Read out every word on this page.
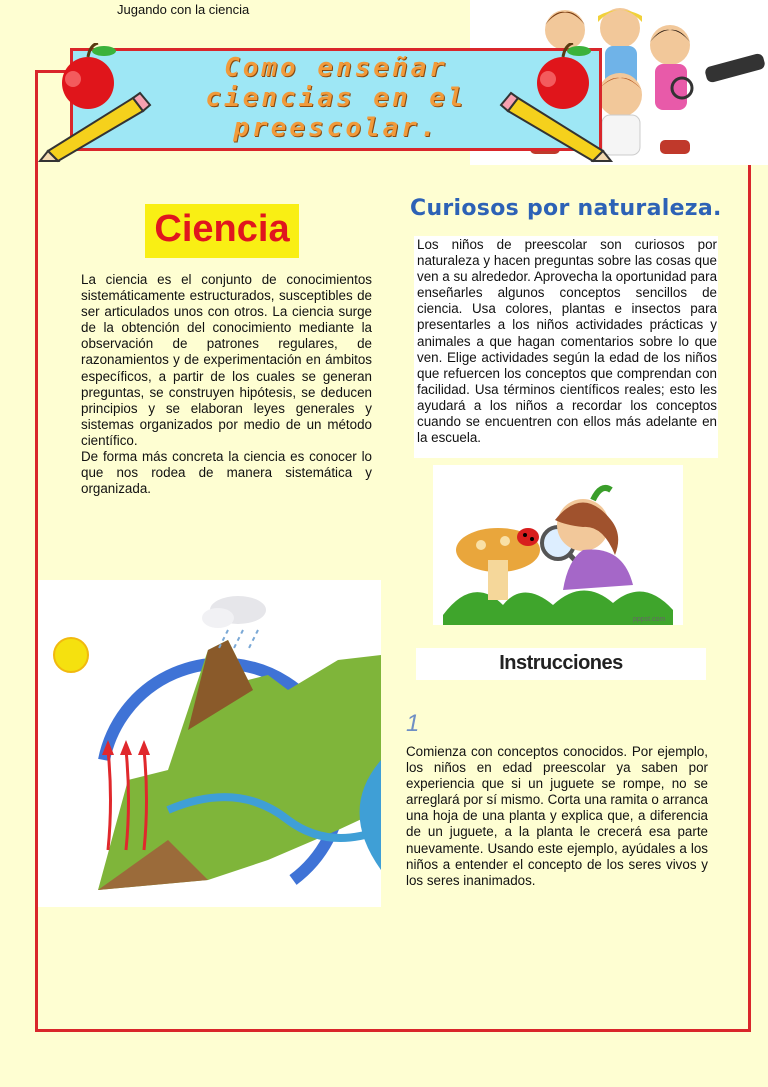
Jugando con la ciencia
Como enseñar
ciencias en el
preescolar.
Ciencia

La ciencia es el conjunto de conocimientos sistemáticamente estructurados, susceptibles de ser articulados unos con otros. La ciencia surge de la obtención del conocimiento mediante la observación de patrones regulares, de razonamientos y de experimentación en ámbitos específicos, a partir de los cuales se generan preguntas, se construyen hipótesis, se deducen principios y se elaboran leyes generales y sistemas organizados por medio de un método científico.

De forma más concreta la ciencia es conocer lo que nos rodea de manera sistemática y organizada.

Curiosos por naturaleza.

Los niños de preescolar son curiosos por naturaleza y hacen preguntas sobre las cosas que ven a su alrededor. Aprovecha la oportunidad para enseñarles algunos conceptos sencillos de ciencia. Usa colores, plantas e insectos para presentarles a los niños actividades prácticas y animales a que hagan comentarios sobre lo que ven. Elige actividades según la edad de los niños que refuercen los conceptos que comprendan con facilidad. Usa términos científicos reales; esto les ayudará a los niños a recordar los conceptos cuando se encuentren con ellos más adelante en la escuela.

pppst.com
Instrucciones
1

Comienza con conceptos conocidos. Por ejemplo, los niños en edad preescolar ya saben por experiencia que si un juguete se rompe, no se arreglará por sí mismo. Corta una ramita o arranca una hoja de una planta y explica que, a diferencia de un juguete, a la planta le crecerá esa parte nuevamente. Usando este ejemplo, ayúdales a los niños a entender el concepto de los seres vivos y los seres inanimados.
